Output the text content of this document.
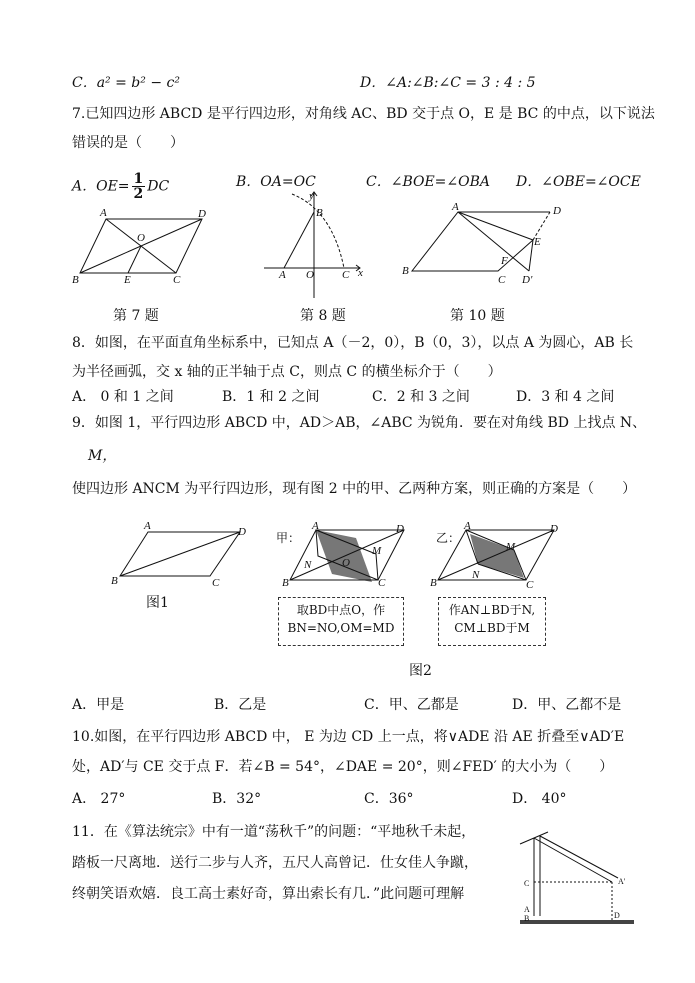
C．a² = b² − c²	D．∠A:∠B:∠C = 3 : 4 : 5
7.已知四边形 ABCD 是平行四边形，对角线 AC、BD 交于点 O，E 是 BC 的中点，以下说法
错误的是（　　）
A．$OE= \frac{1}{2}$ DC	B．OA=OC	C．∠BOE=∠OBA D．∠OBE=∠OCE
A	D
B	C
E
O
y
x
B
A O	C
A	D
E
F
B
C D'
第 7 题	第 8 题	第 10 题
8．如图，在平面直角坐标系中，已知点 A（－2，0），B（0，3），以点 A 为圆心，AB 长
为半径画弧，交 x 轴的正半轴于点 C，则点 C 的横坐标介于（　　）
A． 0 和 1 之间	B．1 和 2 之间	C．2 和 3 之间	D．3 和 4 之间
9．如图 1，平行四边形 ABCD 中，AD＞AB，∠ABC 为锐角．要在对角线 BD 上找点 N、
M，
使四边形 ANCM 为平行四边形，现有图 2 中的甲、乙两种方案，则正确的方案是（　　）
A	D
B	C
图1
甲：
A	D
B	C
N
M
O
取BD中点O，作
BN=NO,OM=MD
乙：
A	D
B	C
N
M
作AN⊥BD于N,
CM⊥BD于M
图2
A．甲是	B．乙是	C．甲、乙都是	D．甲、乙都不是
10.如图，在平行四边形 ABCD 中， E 为边 CD 上一点，将∨ADE 沿 AE 折叠至∨AD′E
处，AD′与 CE 交于点 F．若∠B = 54°，∠DAE = 20°，则∠FED′ 的大小为（　　）
A． 27°	B．32°	C．36°	D． 40°
11．在《算法统宗》中有一道“荡秋千”的问题：“平地秋千未起，
踏板一尺离地．送行二步与人齐，五尺人高曾记．仕女佳人争蹴，
终朝笑语欢嬉．良工高士素好奇，算出索长有几．”此问题可理解
C
A
B
A'
D
